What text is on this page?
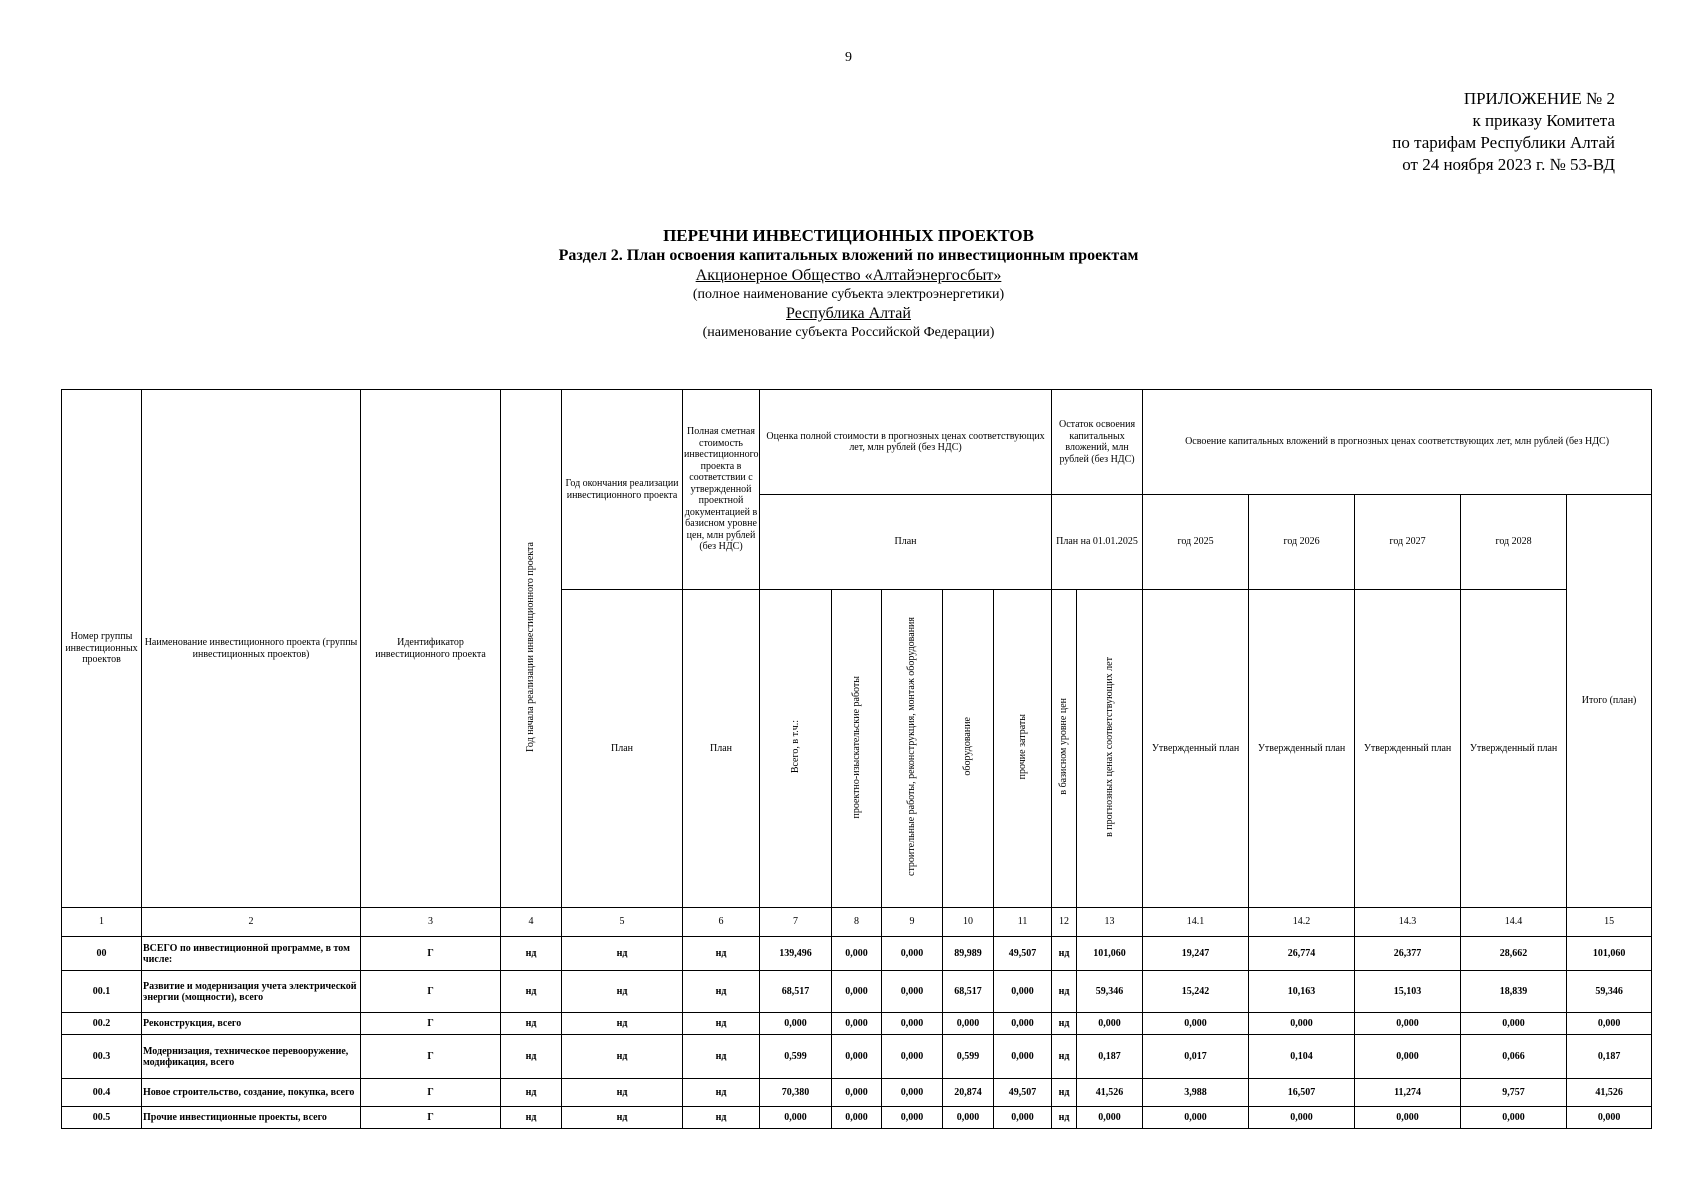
9
ПРИЛОЖЕНИЕ № 2
к приказу Комитета
по тарифам Республики Алтай
от 24 ноября 2023 г. № 53-ВД
ПЕРЕЧНИ ИНВЕСТИЦИОННЫХ ПРОЕКТОВ
Раздел 2. План освоения капитальных вложений по инвестиционным проектам
Акционерное Общество «Алтайэнергосбыт»
(полное наименование субъекта электроэнергетики)
Республика Алтай
(наименование субъекта Российской Федерации)
Номер группы инвестиционных проектов	Наименование инвестиционного проекта (группы инвестиционных проектов)	Идентификатор инвестиционного проекта	Год начала реализации инвестиционного проекта	Год окончания реализации инвестиционного проекта	Полная сметная стоимость инвестиционного проекта в соответствии с утвержденной проектной документацией в базисном уровне цен, млн рублей (без НДС)	Оценка полной стоимости в прогнозных ценах соответствующих лет, млн рублей (без НДС)					Остаток освоения капитальных вложений, млн рублей (без НДС)		Освоение капитальных вложений в прогнозных ценах соответствующих лет, млн рублей (без НДС)				
						План					План на 01.01.2025		год 2025	год 2026	год 2027	год 2028	Итого (план)
				План	План	Всего, в т.ч.:	проектно-изыскательские работы	строительные работы, реконструкция, монтаж оборудования	оборудование	прочие затраты	в базисном уровне цен	в прогнозных ценах соответствующих лет	Утвержденный план	Утвержденный план	Утвержденный план	Утвержденный план	
1	2	3	4	5	6	7	8	9	10	11	12	13	14.1	14.2	14.3	14.4	15
00	ВСЕГО по инвестиционной программе, в том числе:	Г	нд	нд	нд	139,496	0,000	0,000	89,989	49,507	нд	101,060	19,247	26,774	26,377	28,662	101,060
00.1	Развитие и модернизация учета электрической энергии (мощности), всего	Г	нд	нд	нд	68,517	0,000	0,000	68,517	0,000	нд	59,346	15,242	10,163	15,103	18,839	59,346
00.2	Реконструкция, всего	Г	нд	нд	нд	0,000	0,000	0,000	0,000	0,000	нд	0,000	0,000	0,000	0,000	0,000	0,000
00.3	Модернизация, техническое перевооружение, модификация, всего	Г	нд	нд	нд	0,599	0,000	0,000	0,599	0,000	нд	0,187	0,017	0,104	0,000	0,066	0,187
00.4	Новое строительство, создание, покупка, всего	Г	нд	нд	нд	70,380	0,000	0,000	20,874	49,507	нд	41,526	3,988	16,507	11,274	9,757	41,526
00.5	Прочие инвестиционные проекты, всего	Г	нд	нд	нд	0,000	0,000	0,000	0,000	0,000	нд	0,000	0,000	0,000	0,000	0,000	0,000
